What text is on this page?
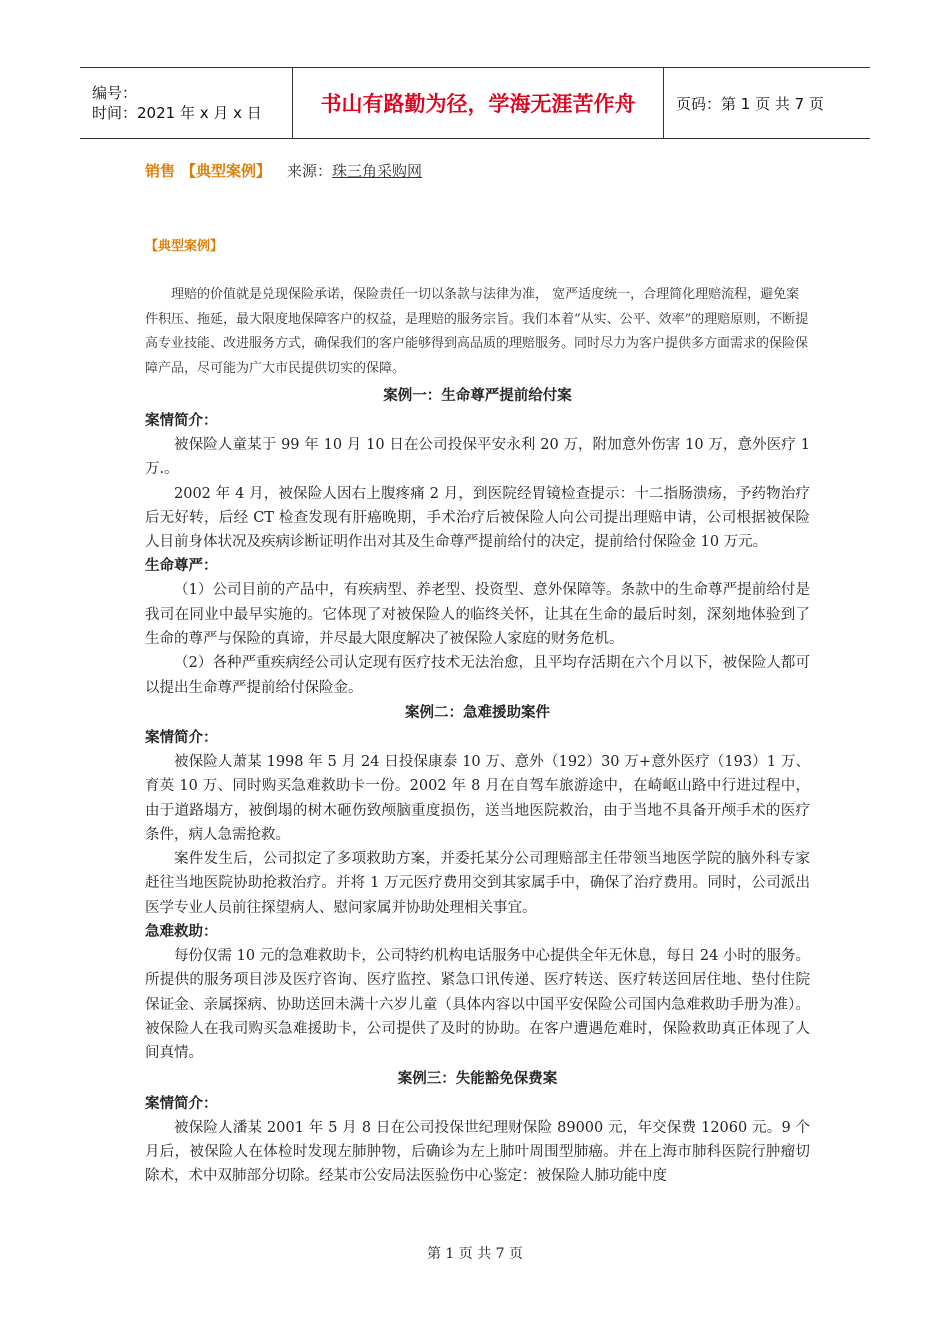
编号：
时间：2021 年 x 月 x 日	书山有路勤为径，学海无涯苦作舟	页码：第 1 页 共 7 页
销售 【典型案例】 来源：珠三角采购网
【典型案例】

理赔的价值就是兑现保险承诺，保险责任一切以条款与法律为准， 宽严适度统一，合理简化理赔流程，避免案件积压、拖延，最大限度地保障客户的权益，是理赔的服务宗旨。我们本着“从实、公平、效率”的理赔原则，不断提高专业技能、改进服务方式，确保我们的客户能够得到高品质的理赔服务。同时尽力为客户提供多方面需求的保险保障产品，尽可能为广大市民提供切实的保障。

案例一：生命尊严提前给付案
案情简介：

被保险人童某于 99 年 10 月 10 日在公司投保平安永利 20 万，附加意外伤害 10 万，意外医疗 1 万.。

2002 年 4 月，被保险人因右上腹疼痛 2 月，到医院经胃镜检查提示：十二指肠溃疡，予药物治疗后无好转，后经 CT 检查发现有肝癌晚期，手术治疗后被保险人向公司提出理赔申请，公司根据被保险人目前身体状况及疾病诊断证明作出对其及生命尊严提前给付的决定，提前给付保险金 10 万元。

生命尊严：

（1）公司目前的产品中，有疾病型、养老型、投资型、意外保障等。条款中的生命尊严提前给付是我司在同业中最早实施的。它体现了对被保险人的临终关怀，让其在生命的最后时刻，深刻地体验到了生命的尊严与保险的真谛，并尽最大限度解决了被保险人家庭的财务危机。

（2）各种严重疾病经公司认定现有医疗技术无法治愈，且平均存活期在六个月以下，被保险人都可以提出生命尊严提前给付保险金。

案例二：急难援助案件
案情简介：

被保险人萧某 1998 年 5 月 24 日投保康泰 10 万、意外（192）30 万+意外医疗（193）1 万、育英 10 万、同时购买急难救助卡一份。2002 年 8 月在自驾车旅游途中，在崎岖山路中行进过程中，由于道路塌方，被倒塌的树木砸伤致颅脑重度损伤，送当地医院救治，由于当地不具备开颅手术的医疗条件，病人急需抢救。

案件发生后，公司拟定了多项救助方案，并委托某分公司理赔部主任带领当地医学院的脑外科专家赶往当地医院协助抢救治疗。并将 1 万元医疗费用交到其家属手中，确保了治疗费用。同时，公司派出医学专业人员前往探望病人、慰问家属并协助处理相关事宜。

急难救助：

每份仅需 10 元的急难救助卡，公司特约机构电话服务中心提供全年无休息，每日 24 小时的服务。所提供的服务项目涉及医疗咨询、医疗监控、紧急口讯传递、医疗转送、医疗转送回居住地、垫付住院保证金、亲属探病、协助送回未满十六岁儿童（具体内容以中国平安保险公司国内急难救助手册为准）。被保险人在我司购买急难援助卡，公司提供了及时的协助。在客户遭遇危难时，保险救助真正体现了人间真情。

案例三：失能豁免保费案
案情简介：

被保险人潘某 2001 年 5 月 8 日在公司投保世纪理财保险 89000 元，年交保费 12060 元。9 个月后，被保险人在体检时发现左肺肿物，后确诊为左上肺叶周围型肺癌。并在上海市肺科医院行肿瘤切除术，术中双肺部分切除。经某市公安局法医验伤中心鉴定：被保险人肺功能中度

第 1 页 共 7 页
